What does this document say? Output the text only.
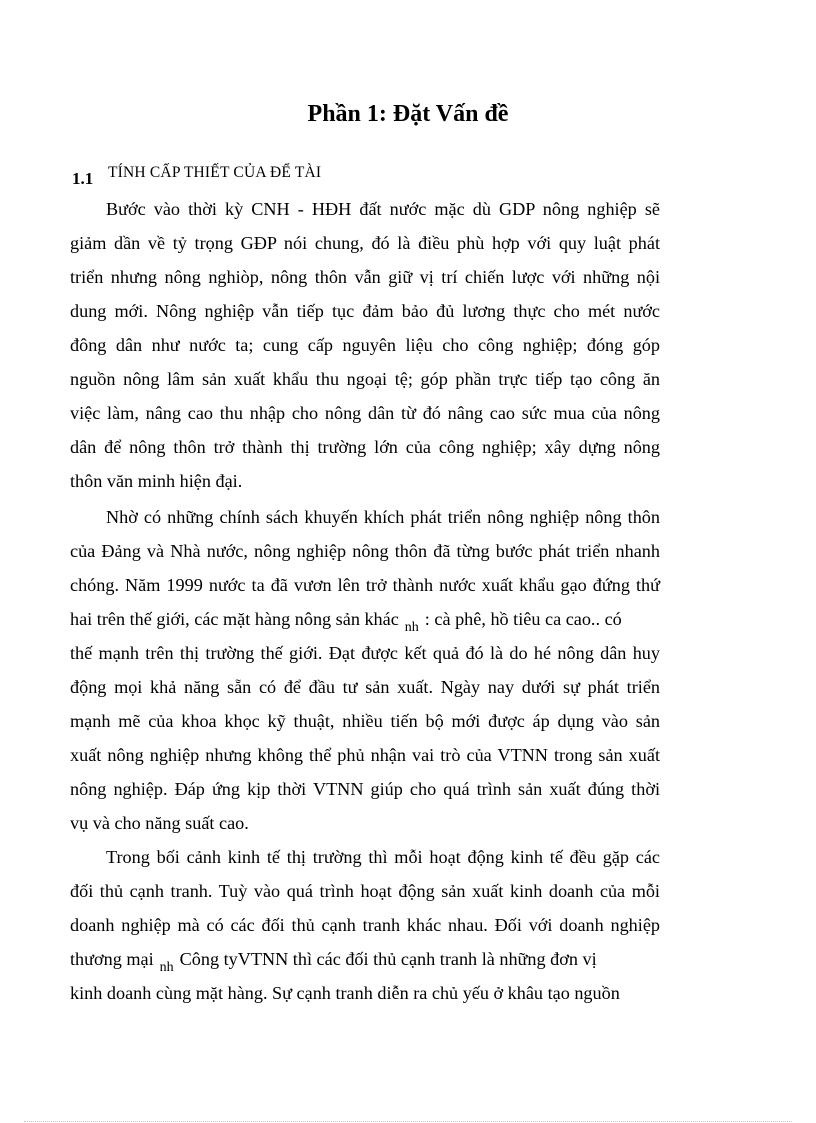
Phần 1: Đặt Vấn đề
1.1 TÍNH CẤP THIẾT CỦA ĐỂ TÀI
Bước vào thời kỳ CNH - HĐH đất nước mặc dù GDP nông nghiệp sẽ
giảm dần về tỷ trọng GĐP nói chung, đó là điều phù hợp với quy luật phát
triển nhưng nông nghiòp, nông thôn vẫn giữ vị trí chiến lược với những nội
dung mới. Nông nghiệp vẫn tiếp tục đảm bảo đủ lương thực cho mét nước
đông dân như nước ta; cung cấp nguyên liệu cho công nghiệp; đóng góp
nguồn nông lâm sản xuất khẩu thu ngoại tệ; góp phần trực tiếp tạo công ăn
việc làm, nâng cao thu nhập cho nông dân từ đó nâng cao sức mua của nông
dân để nông thôn trở thành thị trường lớn của công nghiệp; xây dựng nông
thôn văn minh hiện đại.
Nhờ có những chính sách khuyến khích phát triển nông nghiệp nông thôn
của Đảng và Nhà nước, nông nghiệp nông thôn đã từng bước phát triển nhanh
chóng. Năm 1999 nước ta đã vươn lên trở thành nước xuất khẩu gạo đứng thứ
hai trên thế giới, các mặt hàng nông sản khác $_{nh}$ : cà phê, hồ tiêu ca cao.. có
thế mạnh trên thị trường thế giới. Đạt được kết quả đó là do hé nông dân huy
động mọi khả năng sẵn có để đầu tư sản xuất. Ngày nay dưới sự phát triển
mạnh mẽ của khoa khọc kỹ thuật, nhiều tiến bộ mới được áp dụng vào sản
xuất nông nghiệp nhưng không thể phủ nhận vai trò của VTNN trong sản xuất
nông nghiệp. Đáp ứng kịp thời VTNN giúp cho quá trình sản xuất đúng thời
vụ và cho năng suất cao.
Trong bối cảnh kinh tế thị trường thì mỗi hoạt động kinh tế đều gặp các
đối thủ cạnh tranh. Tuỳ vào quá trình hoạt động sản xuất kinh doanh của mỗi
doanh nghiệp mà có các đối thủ cạnh tranh khác nhau. Đối với doanh nghiệp
thương mại $_{nh}$ Công tyVTNN thì các đối thủ cạnh tranh là những đơn vị
kinh doanh cùng mặt hàng. Sự cạnh tranh diễn ra chủ yếu ở khâu tạo nguồn
